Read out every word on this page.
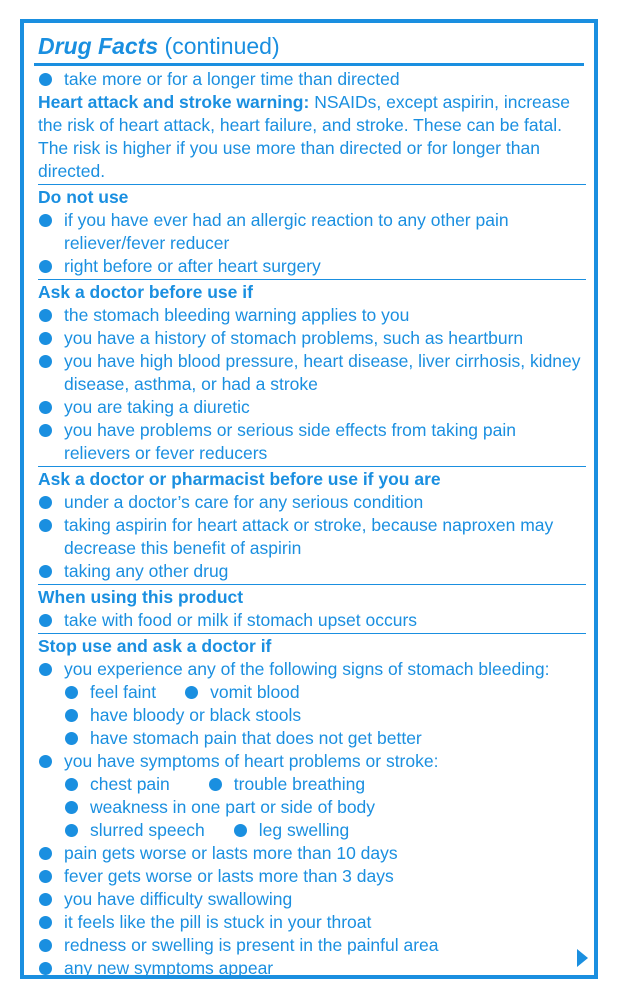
Drug Facts (continued)
take more or for a longer time than directed
Heart attack and stroke warning: NSAIDs, except aspirin, increase the risk of heart attack, heart failure, and stroke. These can be fatal. The risk is higher if you use more than directed or for longer than directed.
Do not use
if you have ever had an allergic reaction to any other pain reliever/fever reducer
right before or after heart surgery
Ask a doctor before use if
the stomach bleeding warning applies to you
you have a history of stomach problems, such as heartburn
you have high blood pressure, heart disease, liver cirrhosis, kidney disease, asthma, or had a stroke
you are taking a diuretic
you have problems or serious side effects from taking pain relievers or fever reducers
Ask a doctor or pharmacist before use if you are
under a doctor’s care for any serious condition
taking aspirin for heart attack or stroke, because naproxen may decrease this benefit of aspirin
taking any other drug
When using this product
take with food or milk if stomach upset occurs
Stop use and ask a doctor if
you experience any of the following signs of stomach bleeding:
feel faint	vomit blood
have bloody or black stools
have stomach pain that does not get better
you have symptoms of heart problems or stroke:
chest pain	trouble breathing
weakness in one part or side of body
slurred speech	leg swelling
pain gets worse or lasts more than 10 days
fever gets worse or lasts more than 3 days
you have difficulty swallowing
it feels like the pill is stuck in your throat
redness or swelling is present in the painful area
any new symptoms appear
